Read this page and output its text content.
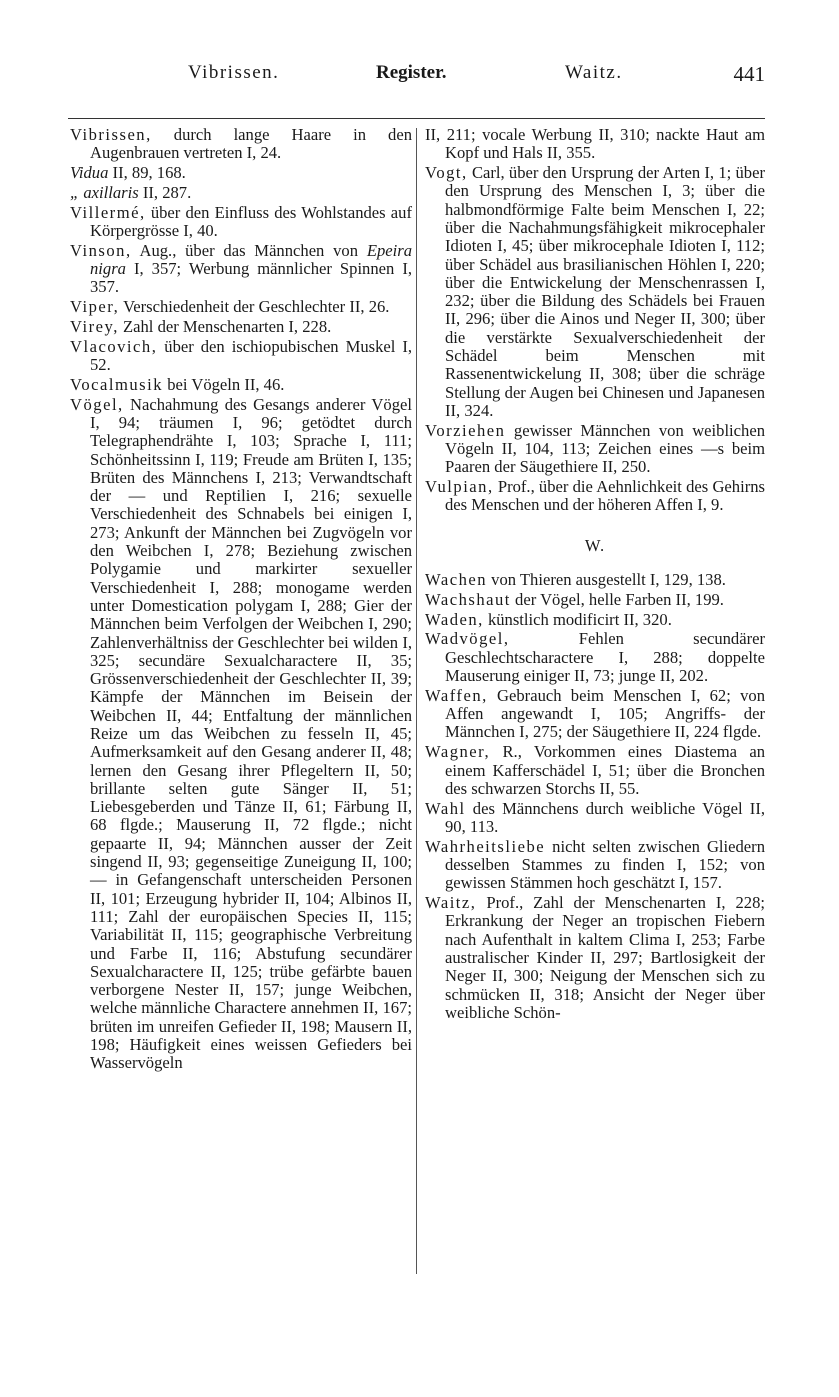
Vibrissen.	Register.	Waitz.	441

Vibrissen, durch lange Haare in den Augenbrauen vertreten I, 24.

Vidua II, 89, 168.

„ axillaris II, 287.

Villermé, über den Einfluss des Wohlstandes auf Körpergrösse I, 40.

Vinson, Aug., über das Männchen von Epeira nigra I, 357; Werbung männlicher Spinnen I, 357.

Viper, Verschiedenheit der Geschlechter II, 26.

Virey, Zahl der Menschenarten I, 228.

Vlacovich, über den ischiopubischen Muskel I, 52.

Vocalmusik bei Vögeln II, 46.

Vögel, Nachahmung des Gesangs anderer Vögel I, 94; träumen I, 96; getödtet durch Telegraphendrähte I, 103; Sprache I, 111; Schönheitssinn I, 119; Freude am Brüten I, 135; Brüten des Männchens I, 213; Verwandtschaft der — und Reptilien I, 216; sexuelle Verschiedenheit des Schnabels bei einigen I, 273; Ankunft der Männchen bei Zugvögeln vor den Weibchen I, 278; Beziehung zwischen Polygamie und markirter sexueller Verschiedenheit I, 288; monogame werden unter Domestication polygam I, 288; Gier der Männchen beim Verfolgen der Weibchen I, 290; Zahlenverhältniss der Geschlechter bei wilden I, 325; secundäre Sexualcharactere II, 35; Grössenverschiedenheit der Geschlechter II, 39; Kämpfe der Männchen im Beisein der Weibchen II, 44; Entfaltung der männlichen Reize um das Weibchen zu fesseln II, 45; Aufmerksamkeit auf den Gesang anderer II, 48; lernen den Gesang ihrer Pflegeltern II, 50; brillante selten gute Sänger II, 51; Liebesgeberden und Tänze II, 61; Färbung II, 68 flgde.; Mauserung II, 72 flgde.; nicht gepaarte II, 94; Männchen ausser der Zeit singend II, 93; gegenseitige Zuneigung II, 100; — in Gefangenschaft unterscheiden Personen II, 101; Erzeugung hybrider II, 104; Albinos II, 111; Zahl der europäischen Species II, 115; Variabilität II, 115; geographische Verbreitung und Farbe II, 116; Abstufung secundärer Sexualcharactere II, 125; trübe gefärbte bauen verborgene Nester II, 157; junge Weibchen, welche männliche Charactere annehmen II, 167; brüten im unreifen Gefieder II, 198; Mausern II, 198; Häufigkeit eines weissen Gefieders bei Wasservögeln

II, 211; vocale Werbung II, 310; nackte Haut am Kopf und Hals II, 355.

Vogt, Carl, über den Ursprung der Arten I, 1; über den Ursprung des Menschen I, 3; über die halbmondförmige Falte beim Menschen I, 22; über die Nachahmungsfähigkeit mikrocephaler Idioten I, 45; über mikrocephale Idioten I, 112; über Schädel aus brasilianischen Höhlen I, 220; über die Entwickelung der Menschenrassen I, 232; über die Bildung des Schädels bei Frauen II, 296; über die Ainos und Neger II, 300; über die verstärkte Sexualverschiedenheit der Schädel beim Menschen mit Rassenentwickelung II, 308; über die schräge Stellung der Augen bei Chinesen und Japanesen II, 324.

Vorziehen gewisser Männchen von weiblichen Vögeln II, 104, 113; Zeichen eines —s beim Paaren der Säugethiere II, 250.

Vulpian, Prof., über die Aehnlichkeit des Gehirns des Menschen und der höheren Affen I, 9.

W.

Wachen von Thieren ausgestellt I, 129, 138.

Wachshaut der Vögel, helle Farben II, 199.

Waden, künstlich modificirt II, 320.

Wadvögel, Fehlen secundärer Geschlechtscharactere I, 288; doppelte Mauserung einiger II, 73; junge II, 202.

Waffen, Gebrauch beim Menschen I, 62; von Affen angewandt I, 105; Angriffs- der Männchen I, 275; der Säugethiere II, 224 flgde.

Wagner, R., Vorkommen eines Diastema an einem Kafferschädel I, 51; über die Bronchen des schwarzen Storchs II, 55.

Wahl des Männchens durch weibliche Vögel II, 90, 113.

Wahrheitsliebe nicht selten zwischen Gliedern desselben Stammes zu finden I, 152; von gewissen Stämmen hoch geschätzt I, 157.

Waitz, Prof., Zahl der Menschenarten I, 228; Erkrankung der Neger an tropischen Fiebern nach Aufenthalt in kaltem Clima I, 253; Farbe australischer Kinder II, 297; Bartlosigkeit der Neger II, 300; Neigung der Menschen sich zu schmücken II, 318; Ansicht der Neger über weibliche Schön-
